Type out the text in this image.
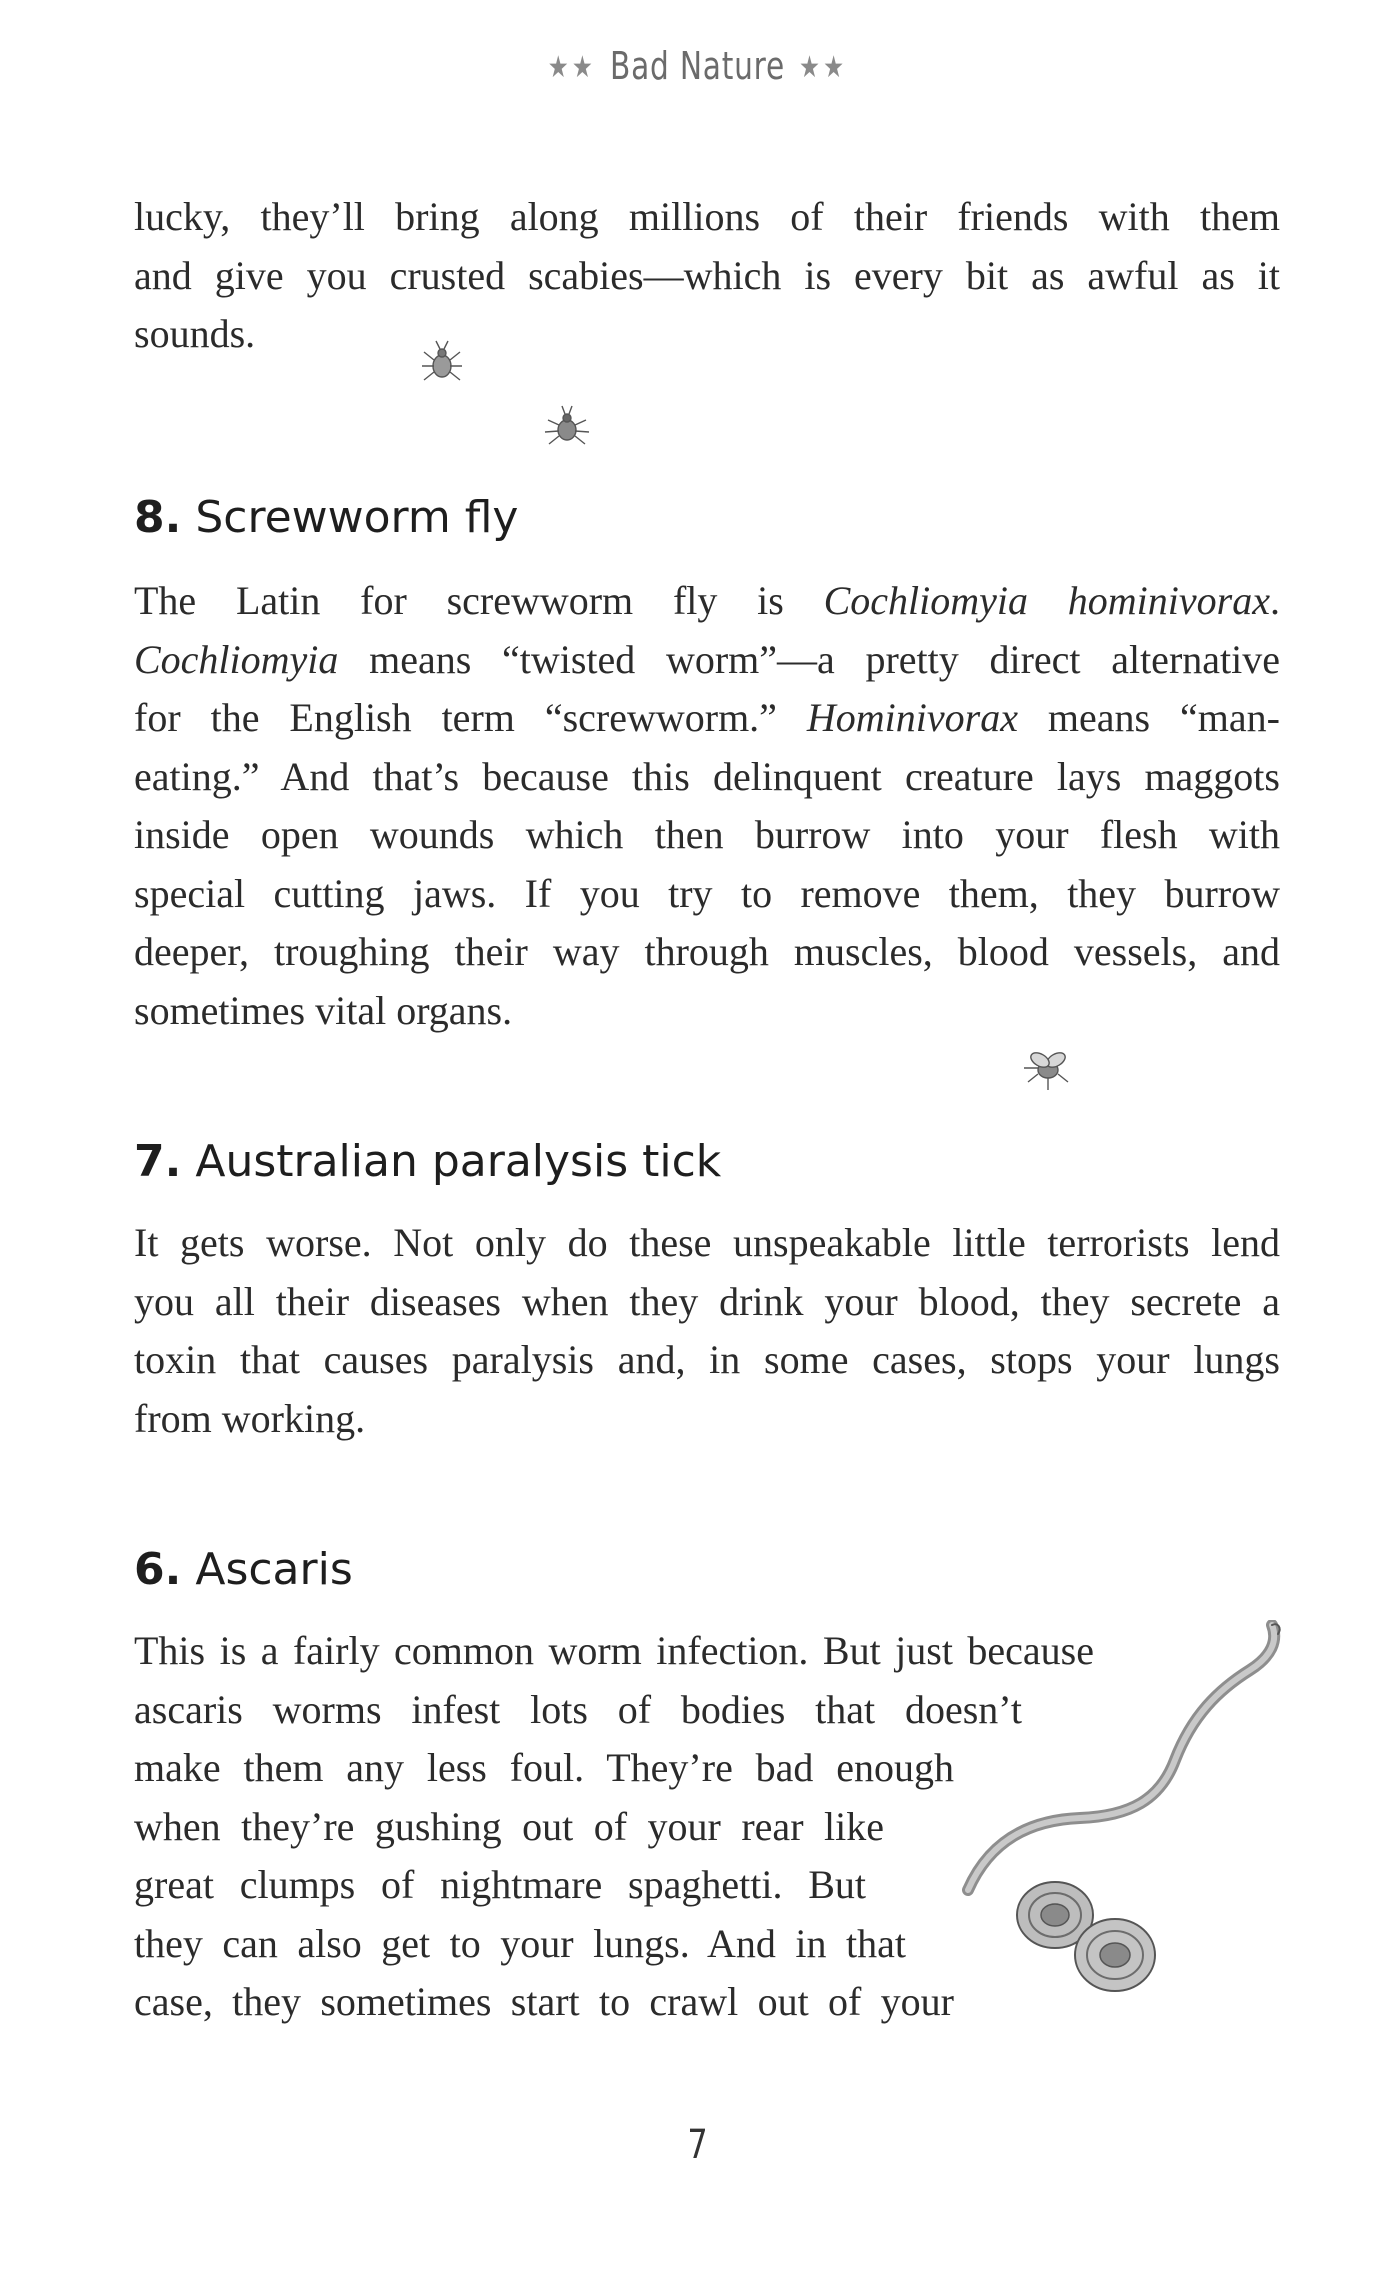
★★ Bad Nature ★★

lucky, they’ll bring along millions of their friends with them
and give you crusted scabies—which is every bit as awful as it
sounds.

8. Screwworm fly

The Latin for screwworm fly is Cochliomyia hominivorax.
Cochliomyia means “twisted worm”—a pretty direct alternative
for the English term “screwworm.” Hominivorax means “man-
eating.” And that’s because this delinquent creature lays maggots
inside open wounds which then burrow into your flesh with
special cutting jaws. If you try to remove them, they burrow
deeper, troughing their way through muscles, blood vessels, and
sometimes vital organs.

7. Australian paralysis tick

It gets worse. Not only do these unspeakable little terrorists lend
you all their diseases when they drink your blood, they secrete a
toxin that causes paralysis and, in some cases, stops your lungs
from working.

6. Ascaris

This is a fairly common worm infection. But just because
ascaris worms infest lots of bodies that doesn’t
make them any less foul. They’re bad enough
when they’re gushing out of your rear like
great clumps of nightmare spaghetti. But
they can also get to your lungs. And in that
case, they sometimes start to crawl out of your

7
